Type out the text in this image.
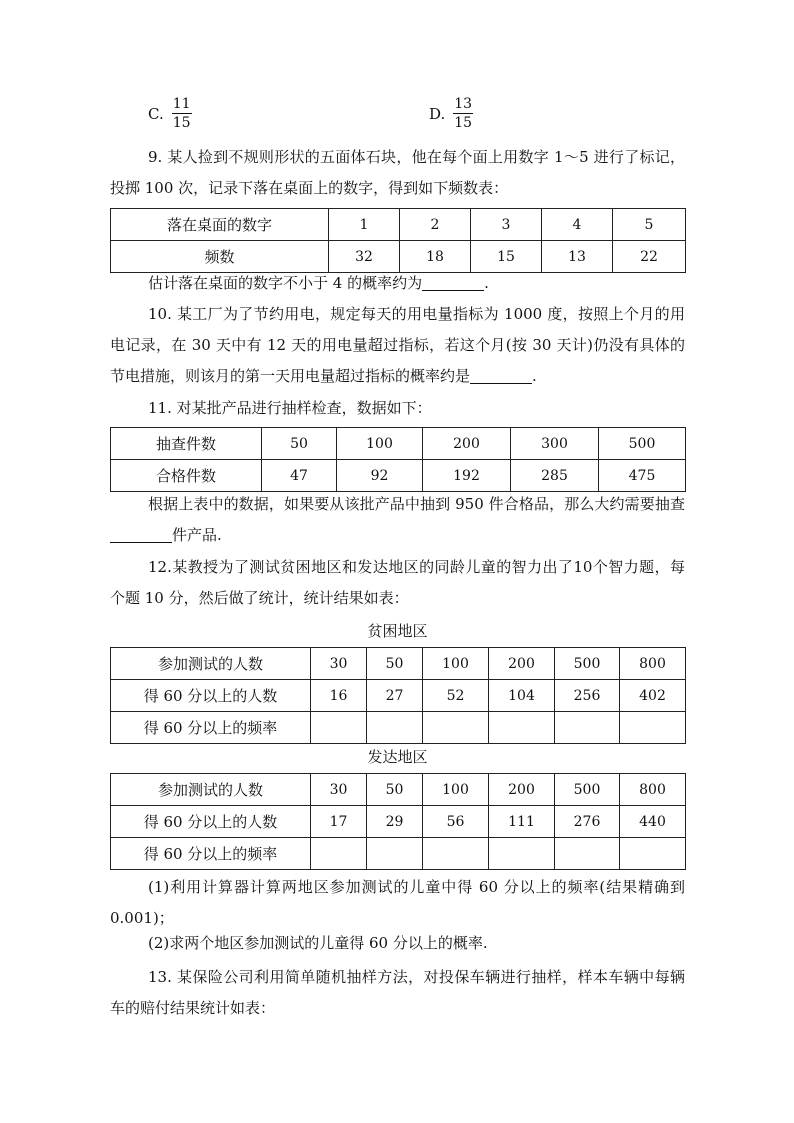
C. $\frac{11}{15}$	D. $\frac{13}{15}$

9. 某人捡到不规则形状的五面体石块，他在每个面上用数字 1～5 进行了标记，投掷 100 次，记录下落在桌面上的数字，得到如下频数表：

落在桌面的数字	1	2	3	4	5
频数	32	18	15	13	22

估计落在桌面的数字不小于 4 的概率约为	.

10. 某工厂为了节约用电，规定每天的用电量指标为 1000 度，按照上个月的用电记录，在 30 天中有 12 天的用电量超过指标，若这个月(按 30 天计)仍没有具体的节电措施，则该月的第一天用电量超过指标的概率约是	.

11. 对某批产品进行抽样检查，数据如下：

抽查件数	50	100	200	300	500
合格件数	47	92	192	285	475

根据上表中的数据，如果要从该批产品中抽到 950 件合格品，那么大约需要抽查件产品.

12.某教授为了测试贫困地区和发达地区的同龄儿童的智力出了10个智力题，每个题 10 分，然后做了统计，统计结果如表：

贫困地区
参加测试的人数	30	50	100	200	500	800
得 60 分以上的人数	16	27	52	104	256	402
得 60 分以上的频率						
发达地区
参加测试的人数	30	50	100	200	500	800
得 60 分以上的人数	17	29	56	111	276	440
得 60 分以上的频率						

(1)利用计算器计算两地区参加测试的儿童中得 60 分以上的频率(结果精确到 0.001)；

(2)求两个地区参加测试的儿童得 60 分以上的概率.

13. 某保险公司利用简单随机抽样方法，对投保车辆进行抽样，样本车辆中每辆车的赔付结果统计如表：
